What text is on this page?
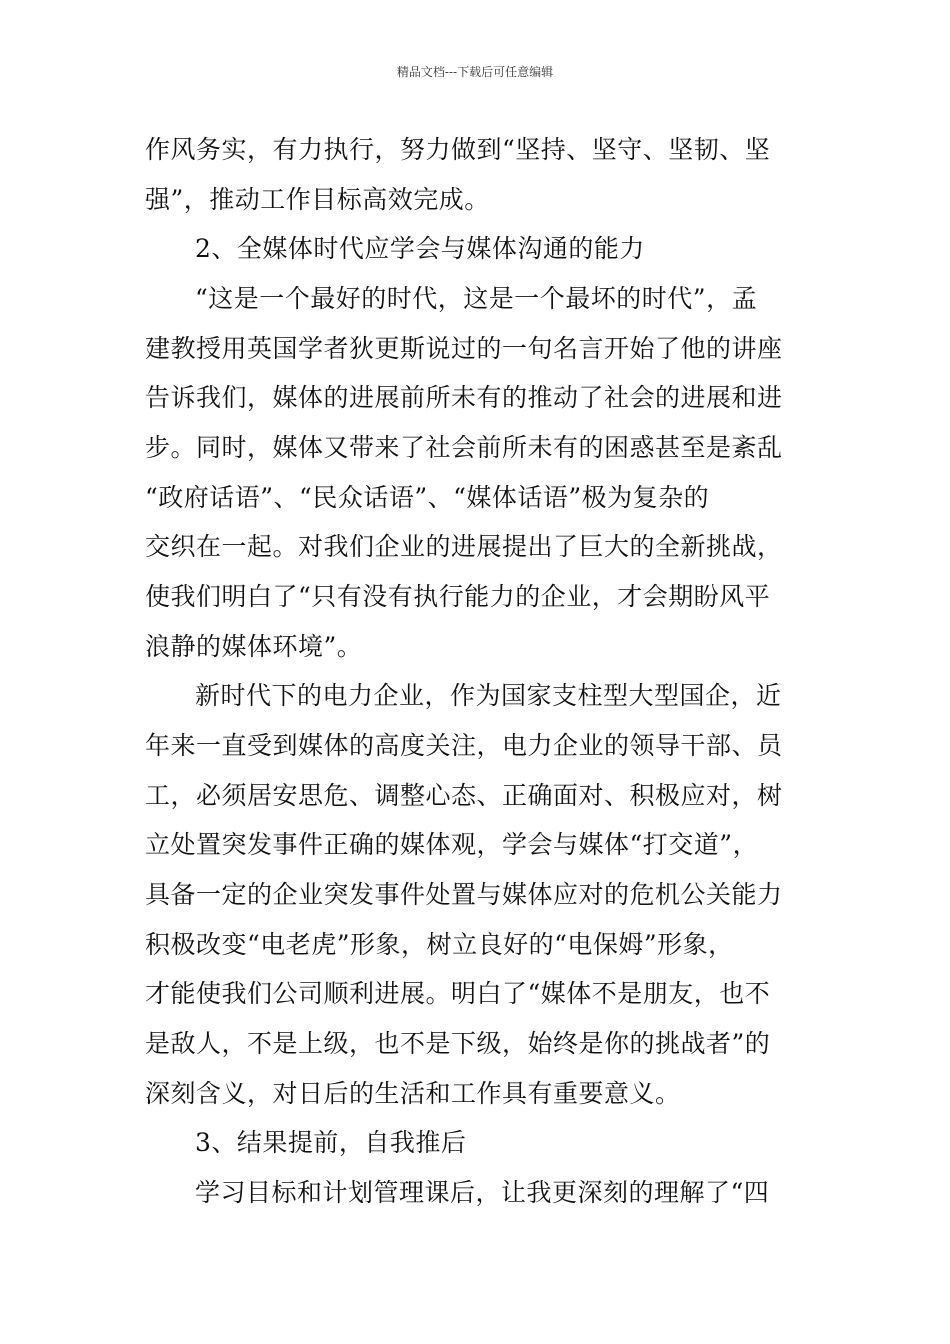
精品文档---下载后可任意编辑
作风务实，有力执行，努力做到“坚持、坚守、坚韧、坚
强”，推动工作目标高效完成。
2、全媒体时代应学会与媒体沟通的能力
“这是一个最好的时代，这是一个最坏的时代”，孟
建教授用英国学者狄更斯说过的一句名言开始了他的讲座
告诉我们，媒体的进展前所未有的推动了社会的进展和进
步。同时，媒体又带来了社会前所未有的困惑甚至是紊乱
“政府话语”、“民众话语”、“媒体话语”极为复杂的
交织在一起。对我们企业的进展提出了巨大的全新挑战，
使我们明白了“只有没有执行能力的企业，才会期盼风平
浪静的媒体环境”。
新时代下的电力企业，作为国家支柱型大型国企，近
年来一直受到媒体的高度关注，电力企业的领导干部、员
工，必须居安思危、调整心态、正确面对、积极应对，树
立处置突发事件正确的媒体观，学会与媒体“打交道”，
具备一定的企业突发事件处置与媒体应对的危机公关能力
积极改变“电老虎”形象，树立良好的“电保姆”形象，
才能使我们公司顺利进展。明白了“媒体不是朋友，也不
是敌人，不是上级，也不是下级，始终是你的挑战者”的
深刻含义，对日后的生活和工作具有重要意义。
3、结果提前，自我推后
学习目标和计划管理课后，让我更深刻的理解了“四
